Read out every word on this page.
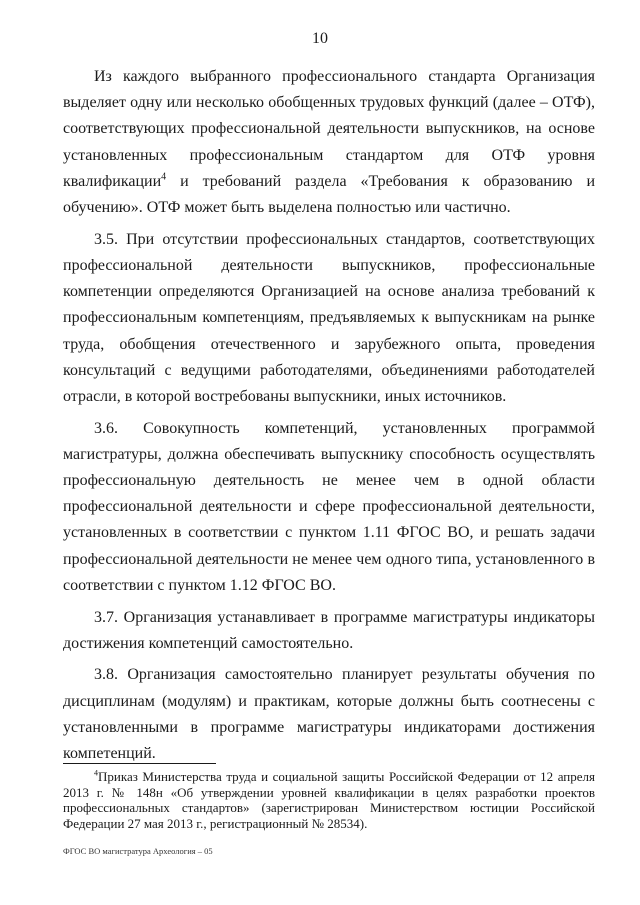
10

Из каждого выбранного профессионального стандарта Организация выделяет одну или несколько обобщенных трудовых функций (далее – ОТФ), соответствующих профессиональной деятельности выпускников, на основе установленных профессиональным стандартом для ОТФ уровня квалификации$^4$ и требований раздела «Требования к образованию и обучению». ОТФ может быть выделена полностью или частично.

3.5. При отсутствии профессиональных стандартов, соответствующих профессиональной деятельности выпускников, профессиональные компетенции определяются Организацией на основе анализа требований к профессиональным компетенциям, предъявляемых к выпускникам на рынке труда, обобщения отечественного и зарубежного опыта, проведения консультаций с ведущими работодателями, объединениями работодателей отрасли, в которой востребованы выпускники, иных источников.

3.6. Совокупность компетенций, установленных программой магистратуры, должна обеспечивать выпускнику способность осуществлять профессиональную деятельность не менее чем в одной области профессиональной деятельности и сфере профессиональной деятельности, установленных в соответствии с пунктом 1.11 ФГОС ВО, и решать задачи профессиональной деятельности не менее чем одного типа, установленного в соответствии с пунктом 1.12 ФГОС ВО.

3.7. Организация устанавливает в программе магистратуры индикаторы достижения компетенций самостоятельно.

3.8. Организация самостоятельно планирует результаты обучения по дисциплинам (модулям) и практикам, которые должны быть соотнесены с установленными в программе магистратуры индикаторами достижения компетенций.

$^4$Приказ Министерства труда и социальной защиты Российской Федерации от 12 апреля 2013 г. № 148н «Об утверждении уровней квалификации в целях разработки проектов профессиональных стандартов» (зарегистрирован Министерством юстиции Российской Федерации 27 мая 2013 г., регистрационный № 28534).

ФГОС ВО магистратура Археология – 05
